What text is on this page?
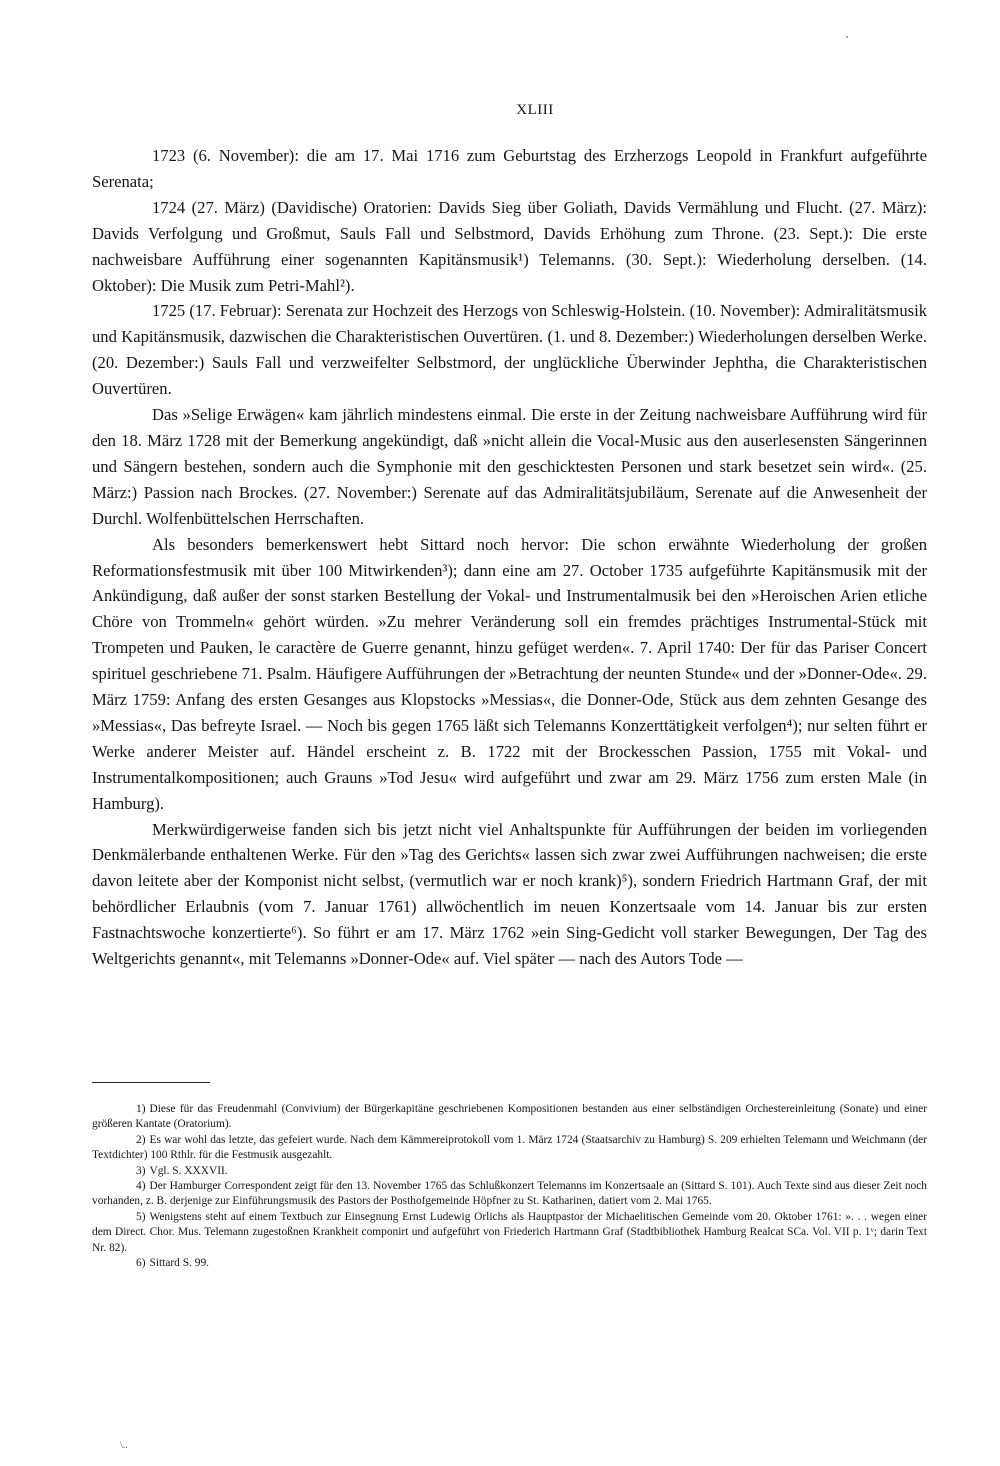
XLIII

1723 (6. November): die am 17. Mai 1716 zum Geburtstag des Erzherzogs Leopold in Frankfurt aufgeführte Serenata;

1724 (27. März) (Davidische) Oratorien: Davids Sieg über Goliath, Davids Vermählung und Flucht. (27. März): Davids Verfolgung und Großmut, Sauls Fall und Selbstmord, Davids Erhöhung zum Throne. (23. Sept.): Die erste nachweisbare Aufführung einer sogenannten Kapitänsmusik¹) Telemanns. (30. Sept.): Wiederholung derselben. (14. Oktober): Die Musik zum Petri-Mahl²).

1725 (17. Februar): Serenata zur Hochzeit des Herzogs von Schleswig-Holstein. (10. November): Admiralitätsmusik und Kapitänsmusik, dazwischen die Charakteristischen Ouvertüren. (1. und 8. Dezember:) Wiederholungen derselben Werke. (20. Dezember:) Sauls Fall und verzweifelter Selbstmord, der unglückliche Überwinder Jephtha, die Charakteristischen Ouvertüren.

Das »Selige Erwägen« kam jährlich mindestens einmal. Die erste in der Zeitung nachweisbare Aufführung wird für den 18. März 1728 mit der Bemerkung angekündigt, daß »nicht allein die Vocal-Music aus den auserlesensten Sängerinnen und Sängern bestehen, sondern auch die Symphonie mit den geschicktesten Personen und stark besetzet sein wird«. (25. März:) Passion nach Brockes. (27. November:) Serenate auf das Admiralitätsjubiläum, Serenate auf die Anwesenheit der Durchl. Wolfenbüttelschen Herrschaften.

Als besonders bemerkenswert hebt Sittard noch hervor: Die schon erwähnte Wiederholung der großen Reformationsfestmusik mit über 100 Mitwirkenden³); dann eine am 27. October 1735 aufgeführte Kapitänsmusik mit der Ankündigung, daß außer der sonst starken Bestellung der Vokal- und Instrumentalmusik bei den »Heroischen Arien etliche Chöre von Trommeln« gehört würden. »Zu mehrer Veränderung soll ein fremdes prächtiges Instrumental-Stück mit Trompeten und Pauken, le caractère de Guerre genannt, hinzu gefüget werden«. 7. April 1740: Der für das Pariser Concert spirituel geschriebene 71. Psalm. Häufigere Aufführungen der »Betrachtung der neunten Stunde« und der »Donner-Ode«. 29. März 1759: Anfang des ersten Gesanges aus Klopstocks »Messias«, die Donner-Ode, Stück aus dem zehnten Gesange des »Messias«, Das befreyte Israel. — Noch bis gegen 1765 läßt sich Telemanns Konzerttätigkeit verfolgen⁴); nur selten führt er Werke anderer Meister auf. Händel erscheint z. B. 1722 mit der Brockesschen Passion, 1755 mit Vokal- und Instrumentalkompositionen; auch Grauns »Tod Jesu« wird aufgeführt und zwar am 29. März 1756 zum ersten Male (in Hamburg).

Merkwürdigerweise fanden sich bis jetzt nicht viel Anhaltspunkte für Aufführungen der beiden im vorliegenden Denkmälerbande enthaltenen Werke. Für den »Tag des Gerichts« lassen sich zwar zwei Aufführungen nachweisen; die erste davon leitete aber der Komponist nicht selbst, (vermutlich war er noch krank)⁵), sondern Friedrich Hartmann Graf, der mit behördlicher Erlaubnis (vom 7. Januar 1761) allwöchentlich im neuen Konzertsaale vom 14. Januar bis zur ersten Fastnachtswoche konzertierte⁶). So führt er am 17. März 1762 »ein Sing-Gedicht voll starker Bewegungen, Der Tag des Weltgerichts genannt«, mit Telemanns »Donner-Ode« auf. Viel später — nach des Autors Tode —

1) Diese für das Freudenmahl (Convivium) der Bürgerkapitäne geschriebenen Kompositionen bestanden aus einer selbständigen Orchestereinleitung (Sonate) und einer größeren Kantate (Oratorium).

2) Es war wohl das letzte, das gefeiert wurde. Nach dem Kämmereiprotokoll vom 1. März 1724 (Staatsarchiv zu Hamburg) S. 209 erhielten Telemann und Weichmann (der Textdichter) 100 Rthlr. für die Festmusik ausgezahlt.

3) Vgl. S. XXXVII.

4) Der Hamburger Correspondent zeigt für den 13. November 1765 das Schlußkonzert Telemanns im Konzertsaale an (Sittard S. 101). Auch Texte sind aus dieser Zeit noch vorhanden, z. B. derjenige zur Einführungsmusik des Pastors der Posthofgemeinde Höpfner zu St. Katharinen, datiert vom 2. Mai 1765.

5) Wenigstens steht auf einem Textbuch zur Einsegnung Ernst Ludewig Orlichs als Hauptpastor der Michaelitischen Gemeinde vom 20. Oktober 1761: ». . . wegen einer dem Direct. Chor. Mus. Telemann zugestoßnen Krankheit componirt und aufgeführt von Friederich Hartmann Graf (Stadtbibliothek Hamburg Realcat SCa. Vol. VII p. 1ᵛ; darin Text Nr. 82).

6) Sittard S. 99.

\..
